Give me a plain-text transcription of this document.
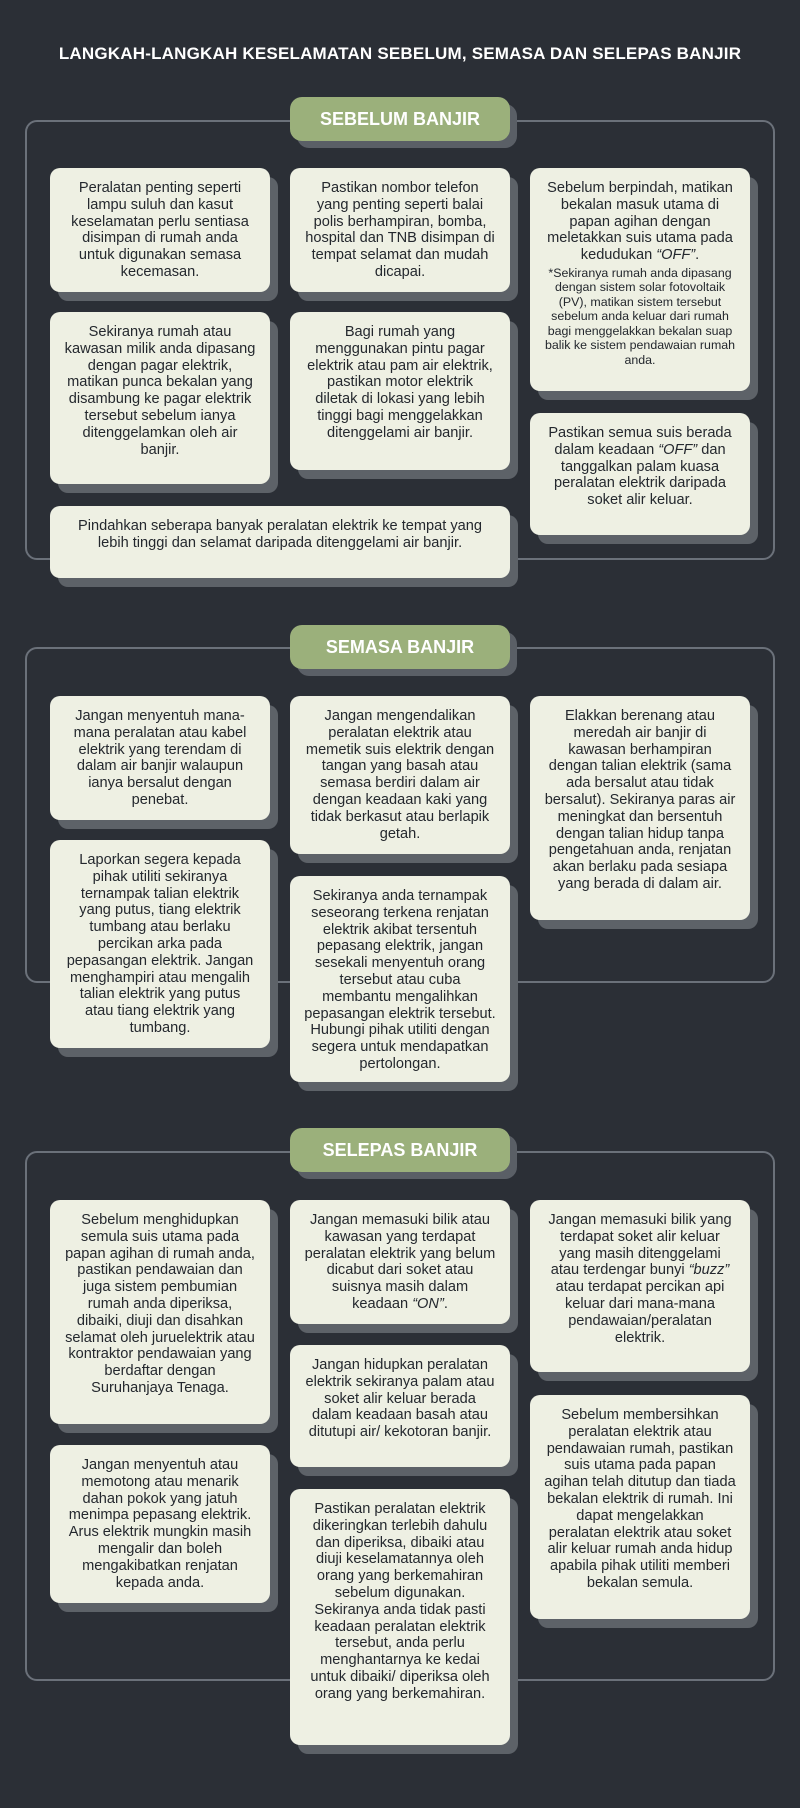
LANGKAH-LANGKAH KESELAMATAN SEBELUM, SEMASA DAN SELEPAS BANJIR
SEBELUM BANJIR

Peralatan penting seperti lampu suluh dan kasut keselamatan perlu sentiasa disimpan di rumah anda untuk digunakan semasa kecemasan.

Pastikan nombor telefon yang penting seperti balai polis berhampiran, bomba, hospital dan TNB disimpan di tempat selamat dan mudah dicapai.

Sebelum berpindah, matikan bekalan masuk utama di papan agihan dengan meletakkan suis utama pada kedudukan “OFF”.

*Sekiranya rumah anda dipasang dengan sistem solar fotovoltaik (PV), matikan sistem tersebut sebelum anda keluar dari rumah bagi menggelakkan bekalan suap balik ke sistem pendawaian rumah anda.

Sekiranya rumah atau kawasan milik anda dipasang dengan pagar elektrik, matikan punca bekalan yang disambung ke pagar elektrik tersebut sebelum ianya ditenggelamkan oleh air banjir.

Bagi rumah yang menggunakan pintu pagar elektrik atau pam air elektrik, pastikan motor elektrik diletak di lokasi yang lebih tinggi bagi menggelakkan ditenggelami air banjir.	Pastikan semua suis berada dalam keadaan “OFF” dan tanggalkan palam kuasa peralatan elektrik daripada soket alir keluar.

Pindahkan seberapa banyak peralatan elektrik ke tempat yang lebih tinggi dan selamat daripada ditenggelami air banjir.

SEMASA BANJIR

Jangan menyentuh mana-mana peralatan atau kabel elektrik yang terendam di dalam air banjir walaupun ianya bersalut dengan penebat.

Jangan mengendalikan peralatan elektrik atau memetik suis elektrik dengan tangan yang basah atau semasa berdiri dalam air dengan keadaan kaki yang tidak berkasut atau berlapik getah.

Elakkan berenang atau meredah air banjir di kawasan berhampiran dengan talian elektrik (sama ada bersalut atau tidak bersalut). Sekiranya paras air meningkat dan bersentuh dengan talian hidup tanpa pengetahuan anda, renjatan akan berlaku pada sesiapa yang berada di dalam air.

Laporkan segera kepada pihak utiliti sekiranya ternampak talian elektrik yang putus, tiang elektrik tumbang atau berlaku percikan arka pada pepasangan elektrik. Jangan menghampiri atau mengalih talian elektrik yang putus atau tiang elektrik yang tumbang.

Sekiranya anda ternampak seseorang terkena renjatan elektrik akibat tersentuh pepasang elektrik, jangan sesekali menyentuh orang tersebut atau cuba membantu mengalihkan pepasangan elektrik tersebut. Hubungi pihak utiliti dengan segera untuk mendapatkan pertolongan.

SELEPAS BANJIR

Sebelum menghidupkan semula suis utama pada papan agihan di rumah anda, pastikan pendawaian dan juga sistem pembumian rumah anda diperiksa, dibaiki, diuji dan disahkan selamat oleh juruelektrik atau kontraktor pendawaian yang berdaftar dengan Suruhanjaya Tenaga.

Jangan memasuki bilik atau kawasan yang terdapat peralatan elektrik yang belum dicabut dari soket atau suisnya masih dalam keadaan “ON”.

Jangan memasuki bilik yang terdapat soket alir keluar yang masih ditenggelami atau terdengar bunyi “buzz” atau terdapat percikan api keluar dari mana-mana pendawaian/peralatan elektrik.

Jangan hidupkan peralatan elektrik sekiranya palam atau soket alir keluar berada dalam keadaan basah atau ditutupi air/ kekotoran banjir.

Sebelum membersihkan peralatan elektrik atau pendawaian rumah, pastikan suis utama pada papan agihan telah ditutup dan tiada bekalan elektrik di rumah. Ini dapat mengelakkan peralatan elektrik atau soket alir keluar rumah anda hidup apabila pihak utiliti memberi bekalan semula.

Jangan menyentuh atau memotong atau menarik dahan pokok yang jatuh menimpa pepasang elektrik. Arus elektrik mungkin masih mengalir dan boleh mengakibatkan renjatan kepada anda.

Pastikan peralatan elektrik dikeringkan terlebih dahulu dan diperiksa, dibaiki atau diuji keselamatannya oleh orang yang berkemahiran sebelum digunakan. Sekiranya anda tidak pasti keadaan peralatan elektrik tersebut, anda perlu menghantarnya ke kedai untuk dibaiki/ diperiksa oleh orang yang berkemahiran.
